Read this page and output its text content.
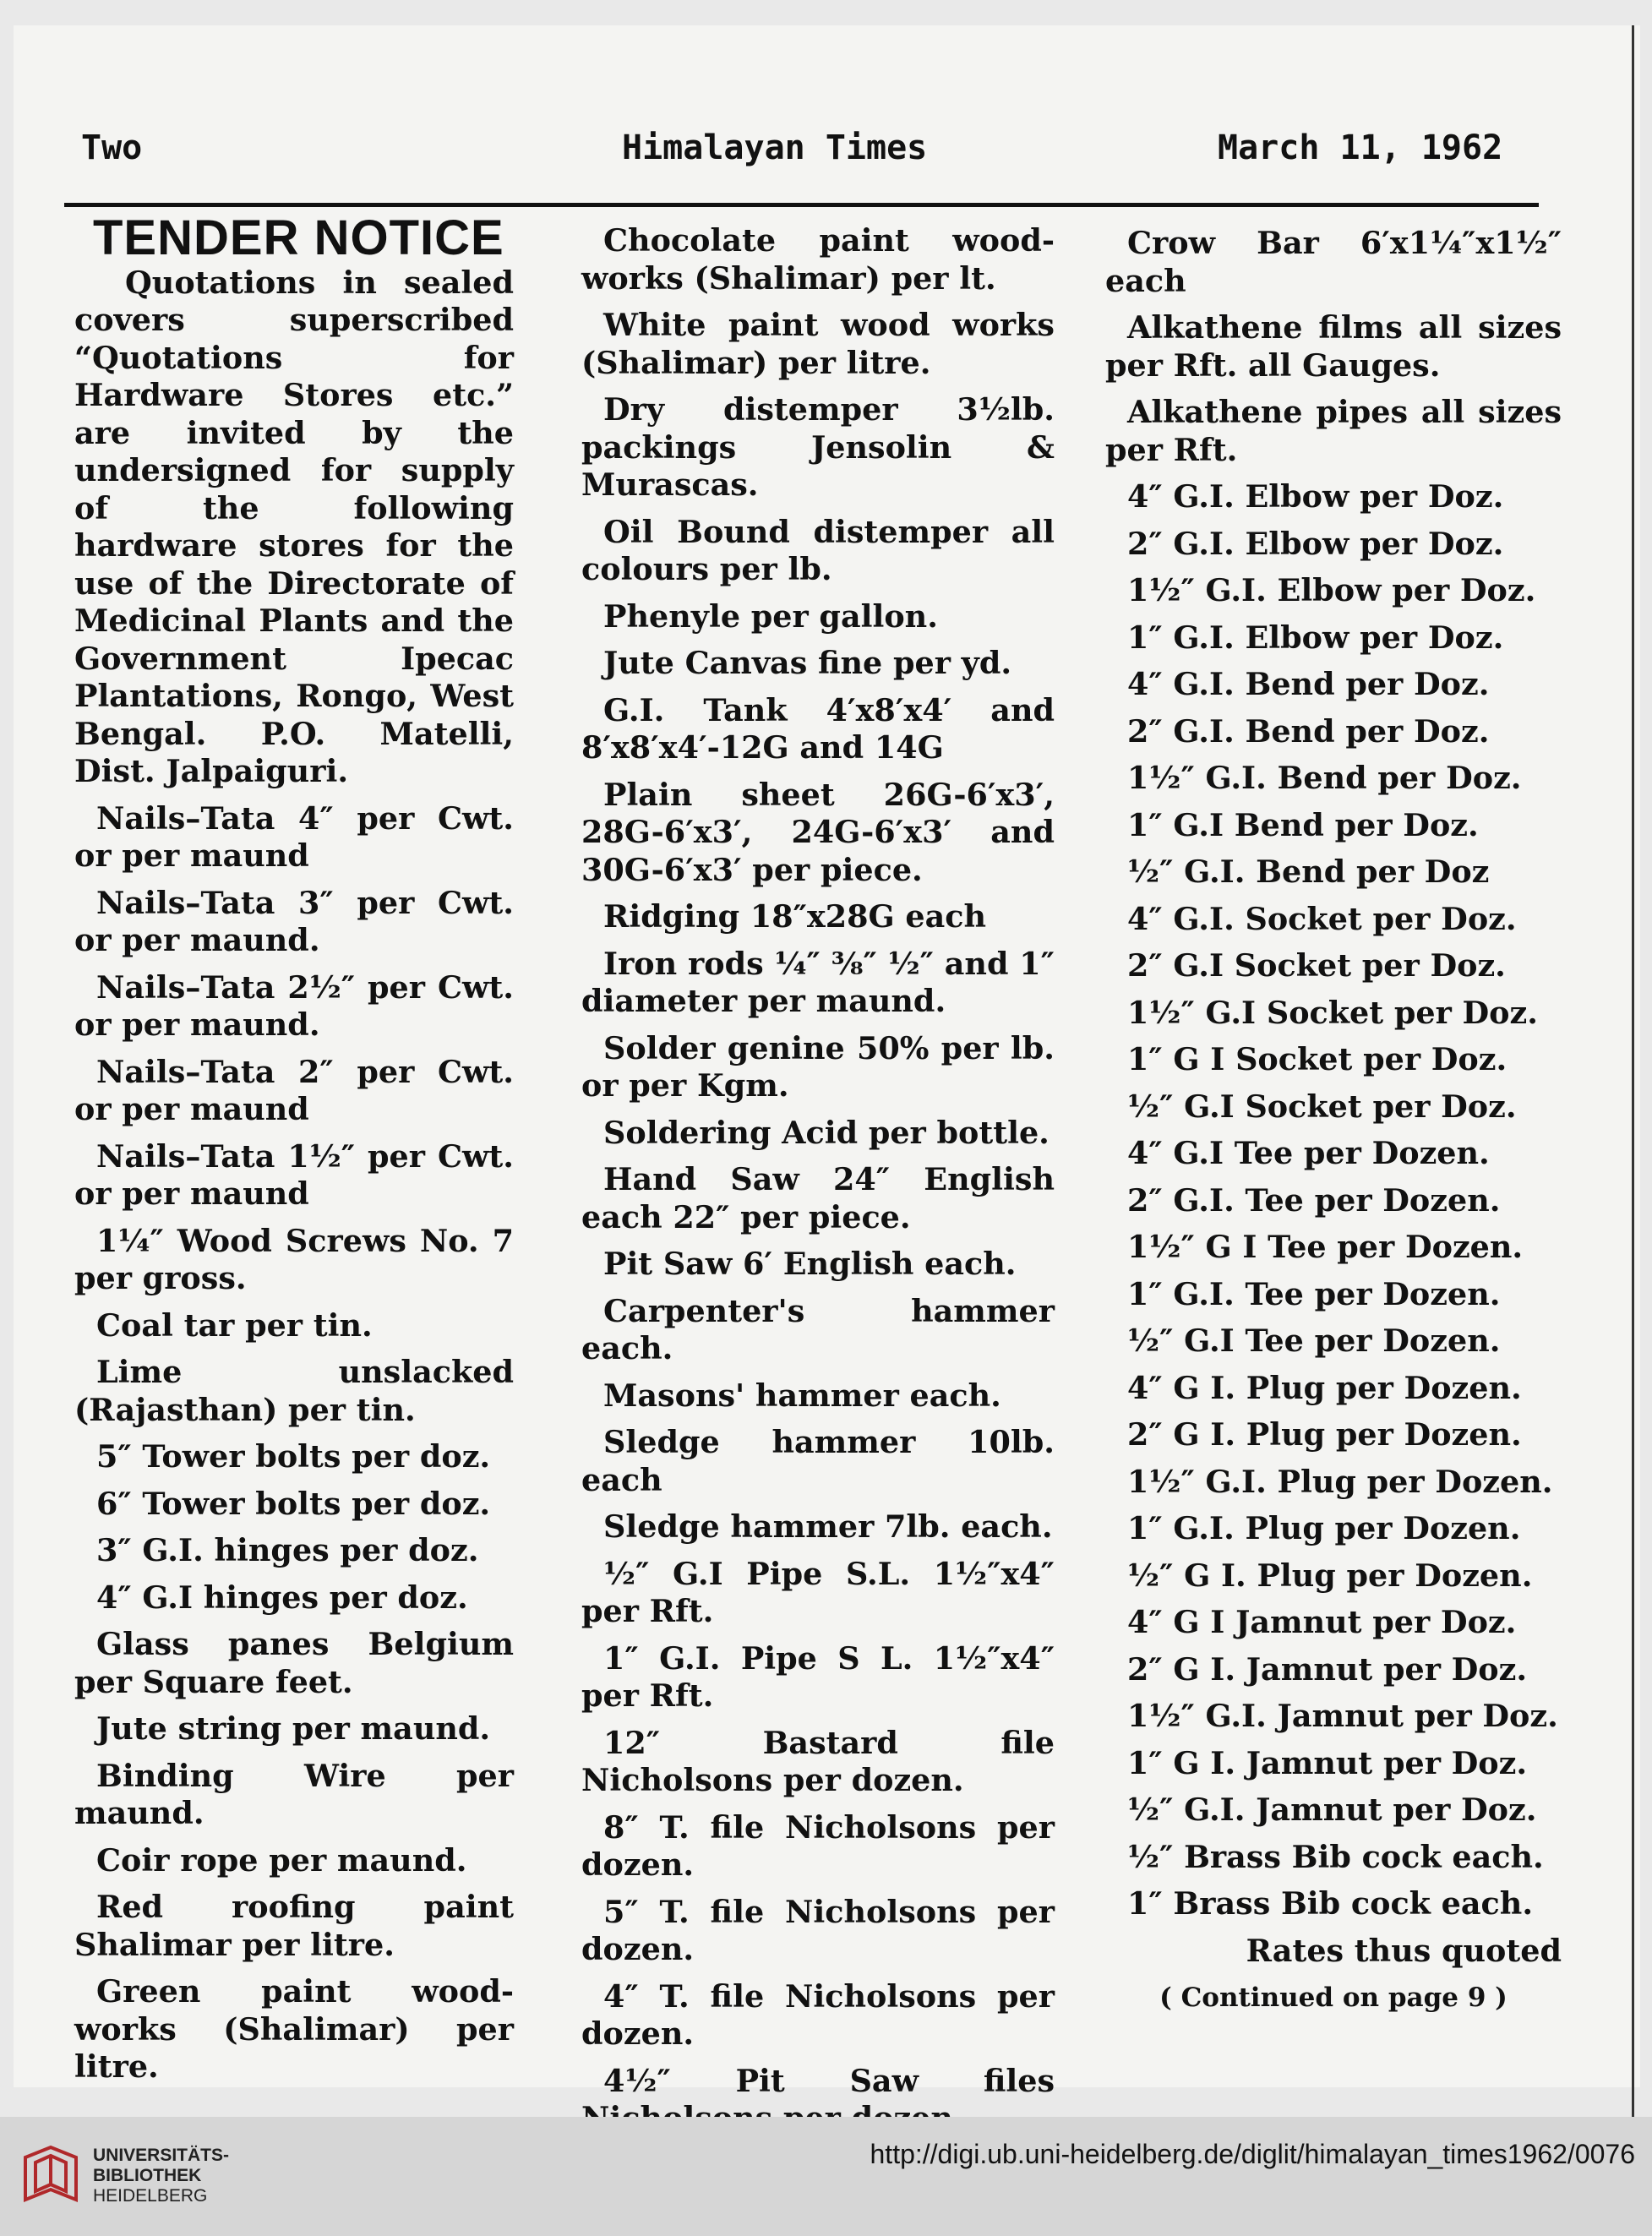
Two	Himalayan Times	March 11, 1962

TENDER NOTICE

Quotations in sealed covers superscribed “Quotations for Hardware Stores etc.” are invited by the undersigned for supply of the following hardware stores for the use of the Directorate of Medicinal Plants and the Government Ipecac Plantations, Rongo, West Bengal. P.O. Matelli, Dist. Jalpaiguri.

Nails–Tata 4″ per Cwt. or per maund

Nails–Tata 3″ per Cwt. or per maund.

Nails–Tata 2½″ per Cwt. or per maund.

Nails–Tata 2″ per Cwt. or per maund

Nails–Tata 1½″ per Cwt. or per maund

1¼″ Wood Screws No. 7 per gross.

Coal tar per tin.

Lime unslacked (Rajasthan) per tin.

5″ Tower bolts per doz.

6″ Tower bolts per doz.

3″ G.I. hinges per doz.

4″ G.I hinges per doz.

Glass panes Belgium per Square feet.

Jute string per maund.

Binding Wire per maund.

Coir rope per maund.

Red roofing paint Shalimar per litre.

Green paint wood-works (Shalimar) per litre.

Chocolate paint wood-works (Shalimar) per lt.

White paint wood works (Shalimar) per litre.

Dry distemper 3½lb. packings Jensolin & Murascas.

Oil Bound distemper all colours per lb.

Phenyle per gallon.

Jute Canvas fine per yd.

G.I. Tank 4′x8′x4′ and 8′x8′x4′-12G and 14G

Plain sheet 26G-6′x3′, 28G-6′x3′, 24G-6′x3′ and 30G-6′x3′ per piece.

Ridging 18″x28G each

Iron rods ¼″ ⅜″ ½″ and 1″ diameter per maund.

Solder genine 50% per lb. or per Kgm.

Soldering Acid per bottle.

Hand Saw 24″ English each 22″ per piece.

Pit Saw 6′ English each.

Carpenter's hammer each.

Masons' hammer each.

Sledge hammer 10lb. each

Sledge hammer 7lb. each.

½″ G.I Pipe S.L. 1½″x4″ per Rft.

1″ G.I. Pipe S L. 1½″x4″ per Rft.

12″ Bastard file Nicholsons per dozen.

8″ T. file Nicholsons per dozen.

5″ T. file Nicholsons per dozen.

4″ T. file Nicholsons per dozen.

4½″ Pit Saw files

Crow Bar 6′x1¼″x1½″ each

Alkathene films all sizes per Rft. all Gauges.

Alkathene pipes all sizes per Rft.

4″ G.I. Elbow per Doz.

2″ G.I. Elbow per Doz.

1½″ G.I. Elbow per Doz.

1″ G.I. Elbow per Doz.

4″ G.I. Bend per Doz.

2″ G.I. Bend per Doz.

1½″ G.I. Bend per Doz.

1″ G.I Bend per Doz.

½″ G.I. Bend per Doz

4″ G.I. Socket per Doz.

2″ G.I Socket per Doz.

1½″ G.I Socket per Doz.

1″ G I Socket per Doz.

½″ G.I Socket per Doz.

4″ G.I Tee per Dozen.

2″ G.I. Tee per Dozen.

1½″ G I Tee per Dozen.

1″ G.I. Tee per Dozen.

½″ G.I Tee per Dozen.

4″ G I. Plug per Dozen.

2″ G I. Plug per Dozen.

1½″ G.I. Plug per Dozen.

1″ G.I. Plug per Dozen.

½″ G I. Plug per Dozen.

4″ G I Jamnut per Doz.

2″ G I. Jamnut per Doz.

1½″ G.I. Jamnut per Doz.

1″ G I. Jamnut per Doz.

½″ G.I. Jamnut per Doz.

½″ Brass Bib cock each.

1″ Brass Bib cock each.

Rates thus quoted

( Continued on page 9 )

UNIVERSITÄTS-
BIBLIOTHEK
HEIDELBERG
http://digi.ub.uni-heidelberg.de/diglit/himalayan_times1962/0076
